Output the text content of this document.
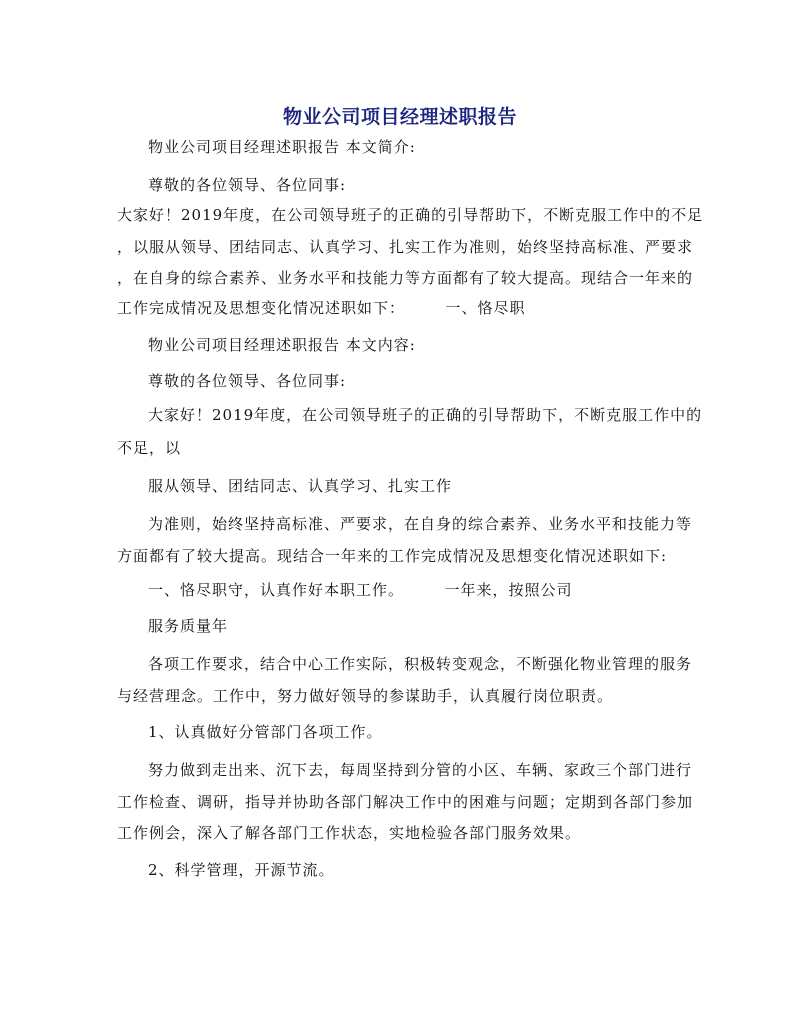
物业公司项目经理述职报告
物业公司项目经理述职报告 本文简介:
尊敬的各位领导、各位同事:
大家好！2019年度，在公司领导班子的正确的引导帮助下，不断克服工作中的不足
，以服从领导、团结同志、认真学习、扎实工作为准则，始终坚持高标准、严要求
，在自身的综合素养、业务水平和技能力等方面都有了较大提高。现结合一年来的
工作完成情况及思想变化情况述职如下：　　　一、恪尽职
物业公司项目经理述职报告 本文内容:
尊敬的各位领导、各位同事:
大家好！2019年度，在公司领导班子的正确的引导帮助下，不断克服工作中的
不足，以
服从领导、团结同志、认真学习、扎实工作
为准则，始终坚持高标准、严要求，在自身的综合素养、业务水平和技能力等
方面都有了较大提高。现结合一年来的工作完成情况及思想变化情况述职如下:
一、恪尽职守，认真作好本职工作。　　　一年来，按照公司
服务质量年
各项工作要求，结合中心工作实际，积极转变观念，不断强化物业管理的服务
与经营理念。工作中，努力做好领导的参谋助手，认真履行岗位职责。
1、认真做好分管部门各项工作。
努力做到走出来、沉下去，每周坚持到分管的小区、车辆、家政三个部门进行
工作检查、调研，指导并协助各部门解决工作中的困难与问题；定期到各部门参加
工作例会，深入了解各部门工作状态，实地检验各部门服务效果。
2、科学管理，开源节流。
